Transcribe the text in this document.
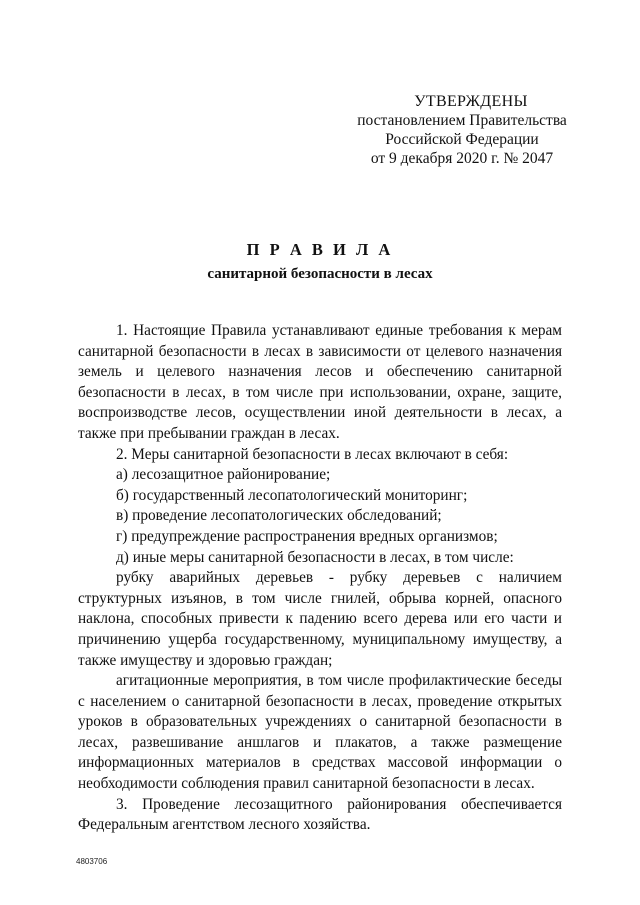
УТВЕРЖДЕНЫ
постановлением Правительства
Российской Федерации
от 9 декабря 2020 г. № 2047
П Р А В И Л А
санитарной безопасности в лесах

1. Настоящие Правила устанавливают единые требования к мерам санитарной безопасности в лесах в зависимости от целевого назначения земель и целевого назначения лесов и обеспечению санитарной безопасности в лесах, в том числе при использовании, охране, защите, воспроизводстве лесов, осуществлении иной деятельности в лесах, а также при пребывании граждан в лесах.

2. Меры санитарной безопасности в лесах включают в себя:

а) лесозащитное районирование;

б) государственный лесопатологический мониторинг;

в) проведение лесопатологических обследований;

г) предупреждение распространения вредных организмов;

д) иные меры санитарной безопасности в лесах, в том числе:

рубку аварийных деревьев - рубку деревьев с наличием структурных изъянов, в том числе гнилей, обрыва корней, опасного наклона, способных привести к падению всего дерева или его части и причинению ущерба государственному, муниципальному имуществу, а также имуществу и здоровью граждан;

агитационные мероприятия, в том числе профилактические беседы с населением о санитарной безопасности в лесах, проведение открытых уроков в образовательных учреждениях о санитарной безопасности в лесах, развешивание аншлагов и плакатов, а также размещение информационных материалов в средствах массовой информации о необходимости соблюдения правил санитарной безопасности в лесах.

3. Проведение лесозащитного районирования обеспечивается Федеральным агентством лесного хозяйства.

4803706
